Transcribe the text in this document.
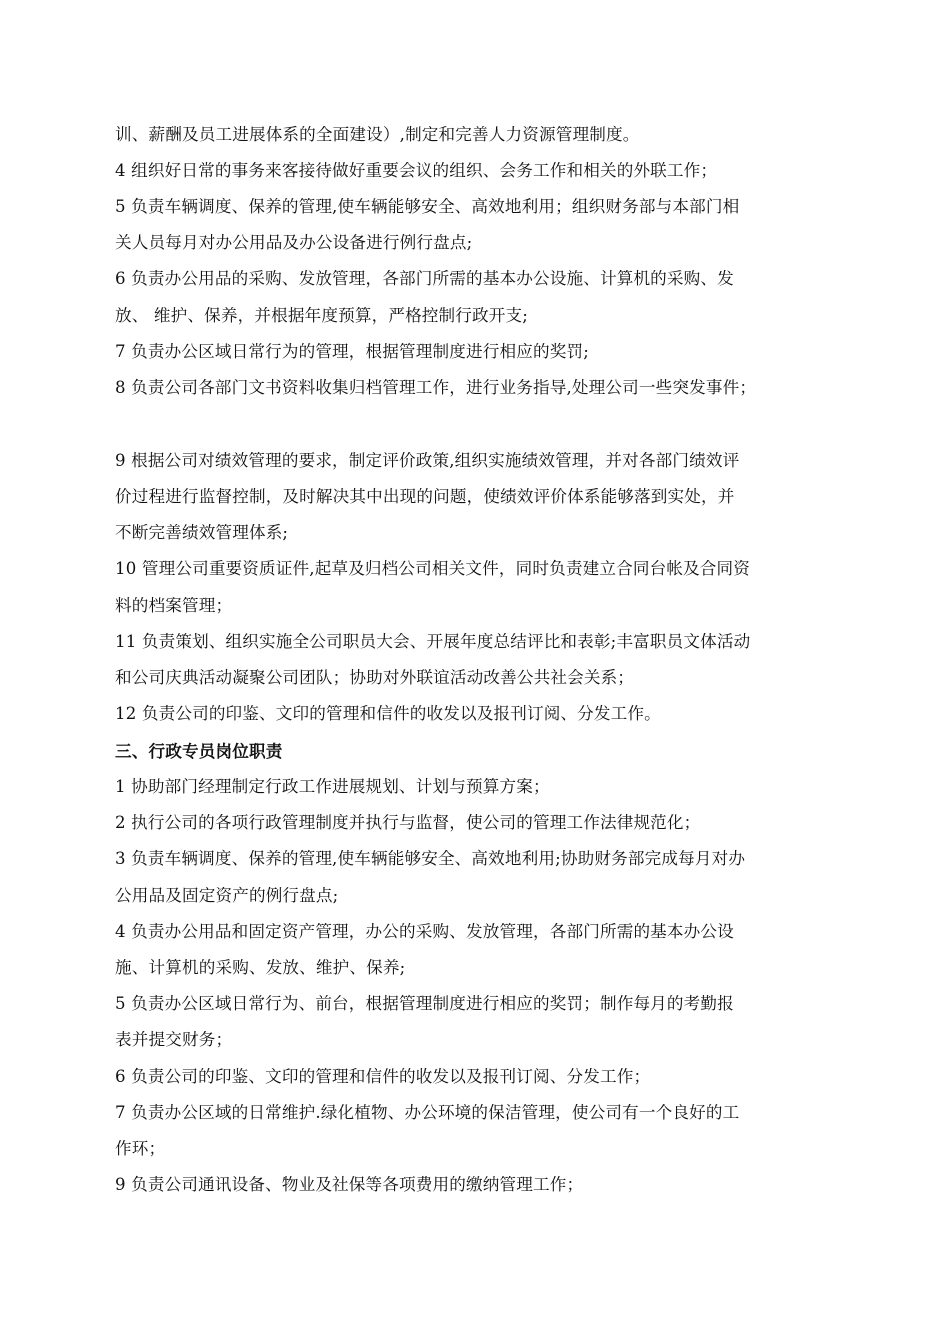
训、薪酬及员工进展体系的全面建设）,制定和完善人力资源管理制度。
4 组织好日常的事务来客接待做好重要会议的组织、会务工作和相关的外联工作；
5 负责车辆调度、保养的管理,使车辆能够安全、高效地利用；组织财务部与本部门相
关人员每月对办公用品及办公设备进行例行盘点;
6 负责办公用品的采购、发放管理，各部门所需的基本办公设施、计算机的采购、发
放、 维护、保养，并根据年度预算，严格控制行政开支;
7 负责办公区域日常行为的管理，根据管理制度进行相应的奖罚;
8 负责公司各部门文书资料收集归档管理工作，进行业务指导,处理公司一些突发事件；
9 根据公司对绩效管理的要求，制定评价政策,组织实施绩效管理，并对各部门绩效评
价过程进行监督控制，及时解决其中出现的问题，使绩效评价体系能够落到实处，并
不断完善绩效管理体系;
10 管理公司重要资质证件,起草及归档公司相关文件，同时负责建立合同台帐及合同资
料的档案管理；
11 负责策划、组织实施全公司职员大会、开展年度总结评比和表彰;丰富职员文体活动
和公司庆典活动凝聚公司团队；协助对外联谊活动改善公共社会关系；
12 负责公司的印鉴、文印的管理和信件的收发以及报刊订阅、分发工作。
三、行政专员岗位职责
1 协助部门经理制定行政工作进展规划、计划与预算方案；
2 执行公司的各项行政管理制度并执行与监督，使公司的管理工作法律规范化；
3 负责车辆调度、保养的管理,使车辆能够安全、高效地利用;协助财务部完成每月对办
公用品及固定资产的例行盘点;
4 负责办公用品和固定资产管理，办公的采购、发放管理，各部门所需的基本办公设
施、计算机的采购、发放、维护、保养;
5 负责办公区域日常行为、前台，根据管理制度进行相应的奖罚；制作每月的考勤报
表并提交财务；
6 负责公司的印鉴、文印的管理和信件的收发以及报刊订阅、分发工作；
7 负责办公区域的日常维护.绿化植物、办公环境的保洁管理，使公司有一个良好的工
作环；
9 负责公司通讯设备、物业及社保等各项费用的缴纳管理工作；
